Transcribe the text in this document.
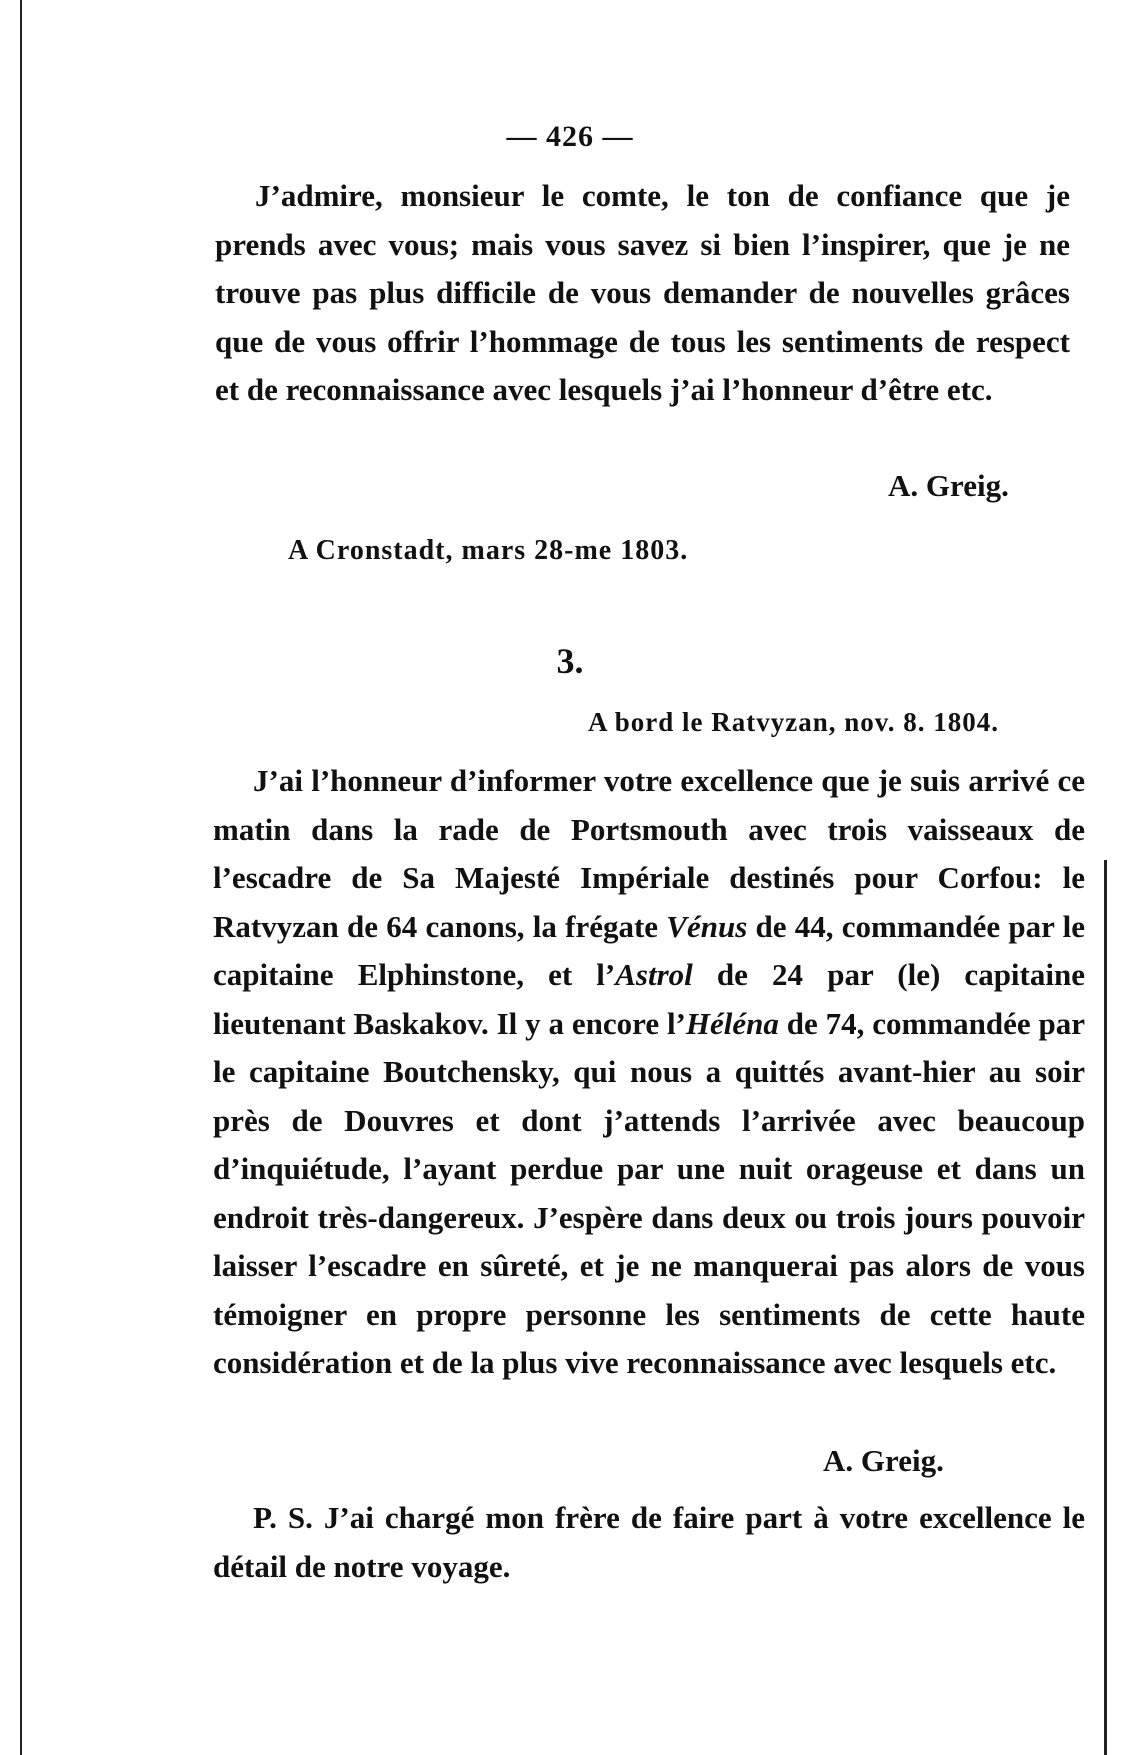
— 426 —

J’admire, monsieur le comte, le ton de confiance que je prends avec vous; mais vous savez si bien l’inspirer, que je ne trouve pas plus difficile de vous demander de nouvelles grâces que de vous offrir l’hommage de tous les sentiments de respect et de reconnaissance avec lesquels j’ai l’honneur d’être etc.

A. Greig.
A Cronstadt, mars 28-me 1803.
3.
A bord le Ratvyzan, nov. 8. 1804.

J’ai l’honneur d’informer votre excellence que je suis arrivé ce matin dans la rade de Portsmouth avec trois vaisseaux de l’escadre de Sa Majesté Impériale destinés pour Corfou: le Ratvyzan de 64 canons, la frégate Vénus de 44, commandée par le capitaine Elphinstone, et l’Astrol de 24 par (le) capitaine lieutenant Baskakov. Il y a encore l’Héléna de 74, commandée par le capitaine Boutchensky, qui nous a quittés avant-hier au soir près de Douvres et dont j’attends l’arrivée avec beaucoup d’inquiétude, l’ayant perdue par une nuit orageuse et dans un endroit très-dangereux. J’espère dans deux ou trois jours pouvoir laisser l’escadre en sûreté, et je ne manquerai pas alors de vous témoigner en propre personne les sentiments de cette haute considération et de la plus vive reconnaissance avec lesquels etc.

A. Greig.

P. S. J’ai chargé mon frère de faire part à votre excellence le détail de notre voyage.
